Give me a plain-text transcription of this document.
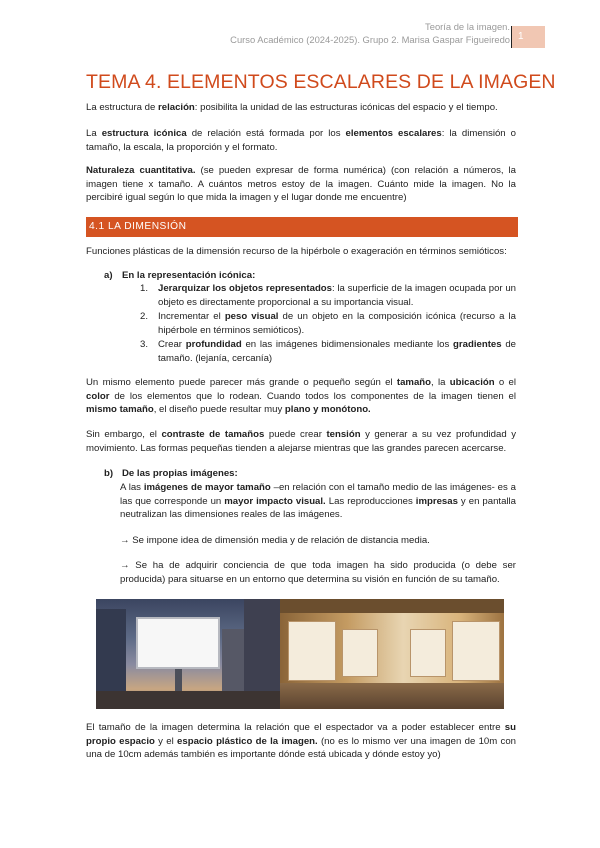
Teoría de la imagen.
Curso Académico (2024-2025). Grupo 2. Marisa Gaspar Figueiredo 1
TEMA 4. ELEMENTOS ESCALARES DE LA IMAGEN

La estructura de relación: posibilita la unidad de las estructuras icónicas del espacio y el tiempo.

La estructura icónica de relación está formada por los elementos escalares: la dimensión o tamaño, la escala, la proporción y el formato.

Naturaleza cuantitativa. (se pueden expresar de forma numérica) (con relación a números, la imagen tiene x tamaño. A cuántos metros estoy de la imagen. Cuánto mide la imagen. No la percibiré igual según lo que mida la imagen y el lugar donde me encuentre)

4.1 LA DIMENSIÓN

Funciones plásticas de la dimensión recurso de la hipérbole o exageración en términos semióticos:

a) En la representación icónica:
1. Jerarquizar los objetos representados: la superficie de la imagen ocupada por un objeto es directamente proporcional a su importancia visual.
2. Incrementar el peso visual de un objeto en la composición icónica (recurso a la hipérbole en términos semióticos).
3. Crear profundidad en las imágenes bidimensionales mediante los gradientes de tamaño. (lejanía, cercanía)

Un mismo elemento puede parecer más grande o pequeño según el tamaño, la ubicación o el color de los elementos que lo rodean. Cuando todos los componentes de la imagen tienen el mismo tamaño, el diseño puede resultar muy plano y monótono.

Sin embargo, el contraste de tamaños puede crear tensión y generar a su vez profundidad y movimiento. Las formas pequeñas tienden a alejarse mientras que las grandes parecen acercarse.

b) De las propias imágenes:
A las imágenes de mayor tamaño –en relación con el tamaño medio de las imágenes- es a las que corresponde un mayor impacto visual. Las reproducciones impresas y en pantalla neutralizan las dimensiones reales de las imágenes.
→ Se impone idea de dimensión media y de relación de distancia media.
→ Se ha de adquirir conciencia de que toda imagen ha sido producida (o debe ser producida) para situarse en un entorno que determina su visión en función de su tamaño.

El tamaño de la imagen determina la relación que el espectador va a poder establecer entre su propio espacio y el espacio plástico de la imagen. (no es lo mismo ver una imagen de 10m con una de 10cm además también es importante dónde está ubicada y dónde estoy yo)
